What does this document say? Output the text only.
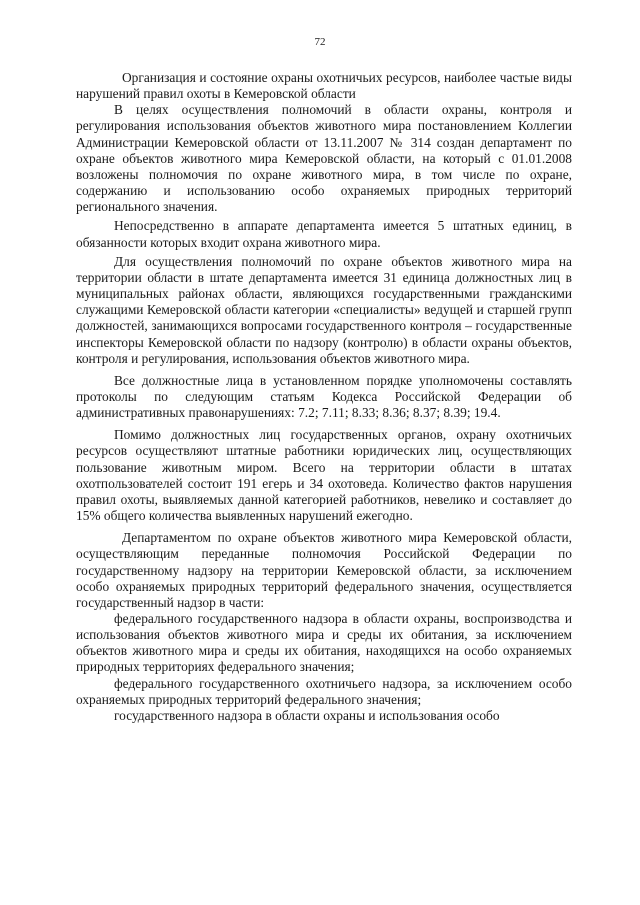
72

Организация и состояние охраны охотничьих ресурсов, наиболее частые виды нарушений правил охоты в Кемеровской области

В целях осуществления полномочий в области охраны, контроля и регулирования использования объектов животного мира постановлением Коллегии Администрации Кемеровской области от 13.11.2007 № 314 создан департамент по охране объектов животного мира Кемеровской области, на который с 01.01.2008 возложены полномочия по охране животного мира, в том числе по охране, содержанию и использованию особо охраняемых природных территорий регионального значения.

Непосредственно в аппарате департамента имеется 5 штатных единиц, в обязанности которых входит охрана животного мира.

Для осуществления полномочий по охране объектов животного мира на территории области в штате департамента имеется 31 единица должностных лиц в муниципальных районах области, являющихся государственными гражданскими служащими Кемеровской области категории «специалисты» ведущей и старшей групп должностей, занимающихся вопросами государственного контроля – государственные инспекторы Кемеровской области по надзору (контролю) в области охраны объектов, контроля и регулирования, использования объектов животного мира.

Все должностные лица в установленном порядке уполномочены составлять протоколы по следующим статьям Кодекса Российской Федерации об административных правонарушениях: 7.2; 7.11; 8.33; 8.36; 8.37; 8.39; 19.4.

Помимо должностных лиц государственных органов, охрану охотничьих ресурсов осуществляют штатные работники юридических лиц, осуществляющих пользование животным миром. Всего на территории области в штатах охотпользователей состоит 191 егерь и 34 охотоведа. Количество фактов нарушения правил охоты, выявляемых данной категорией работников, невелико и составляет до 15% общего количества выявленных нарушений ежегодно.

Департаментом по охране объектов животного мира Кемеровской области, осуществляющим переданные полномочия Российской Федерации по государственному надзору на территории Кемеровской области, за исключением особо охраняемых природных территорий федерального значения, осуществляется государственный надзор в части:

федерального государственного надзора в области охраны, воспроизводства и использования объектов животного мира и среды их обитания, за исключением объектов животного мира и среды их обитания, находящихся на особо охраняемых природных территориях федерального значения;

федерального государственного охотничьего надзора, за исключением особо охраняемых природных территорий федерального значения;

государственного надзора в области охраны и использования особо
